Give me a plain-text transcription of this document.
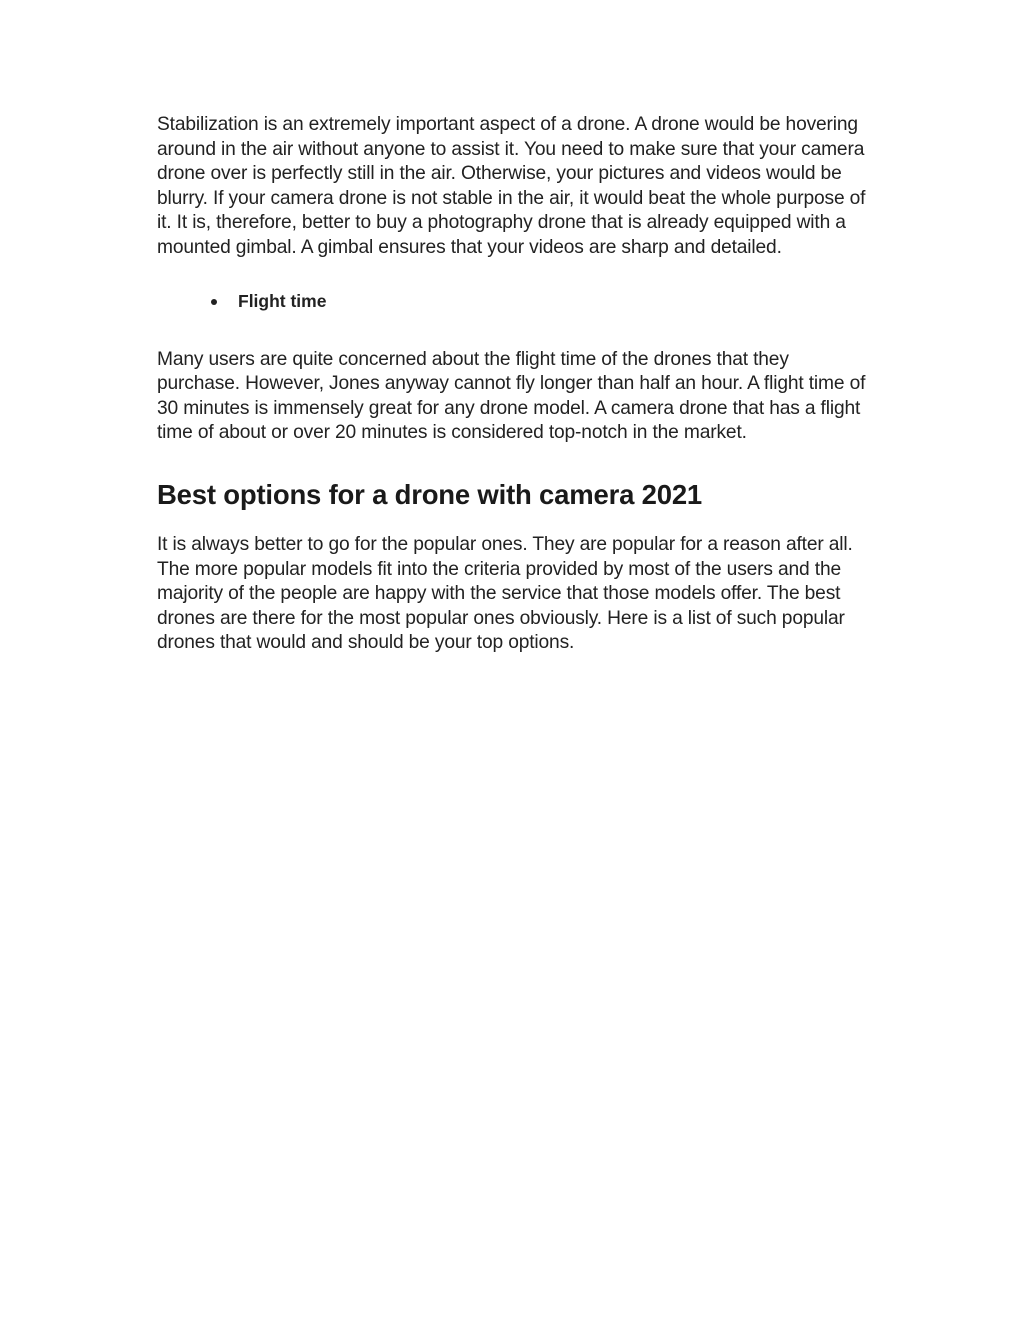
Stabilization is an extremely important aspect of a drone. A drone would be hovering around in the air without anyone to assist it. You need to make sure that your camera drone over is perfectly still in the air. Otherwise, your pictures and videos would be blurry. If your camera drone is not stable in the air, it would beat the whole purpose of it. It is, therefore, better to buy a photography drone that is already equipped with a mounted gimbal. A gimbal ensures that your videos are sharp and detailed.

Flight time

Many users are quite concerned about the flight time of the drones that they purchase. However, Jones anyway cannot fly longer than half an hour. A flight time of 30 minutes is immensely great for any drone model. A camera drone that has a flight time of about or over 20 minutes is considered top-notch in the market.

Best options for a drone with camera 2021

It is always better to go for the popular ones. They are popular for a reason after all. The more popular models fit into the criteria provided by most of the users and the majority of the people are happy with the service that those models offer. The best drones are there for the most popular ones obviously. Here is a list of such popular drones that would and should be your top options.
